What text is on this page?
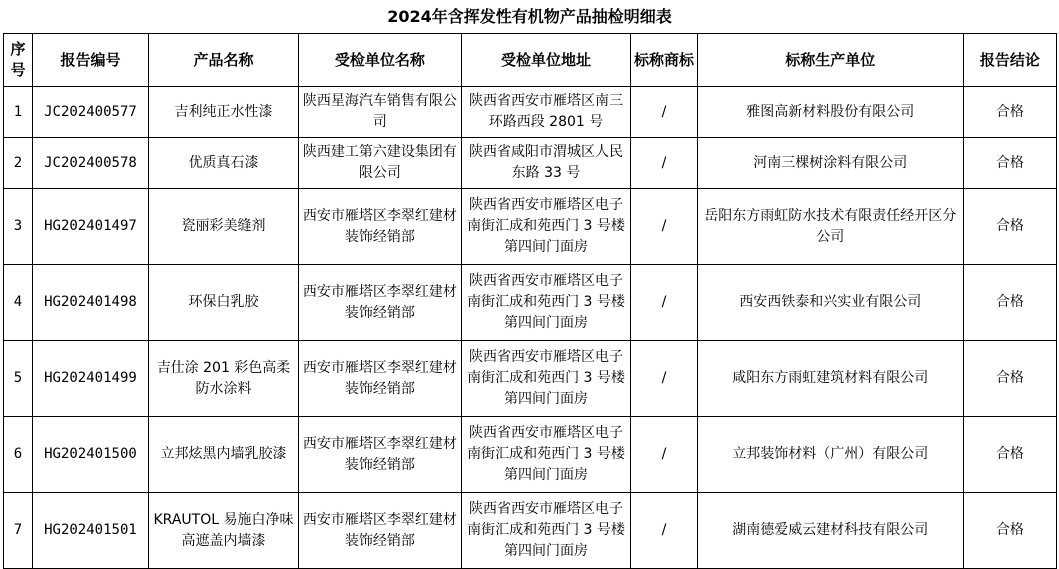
2024年含挥发性有机物产品抽检明细表
序号	报告编号	产品名称	受检单位名称	受检单位地址	标称商标	标称生产单位	报告结论
1	JC202400577	吉利纯正水性漆	陕西星海汽车销售有限公司	陕西省西安市雁塔区南三环路西段 2801 号	/	雅图高新材料股份有限公司	合格
2	JC202400578	优质真石漆	陕西建工第六建设集团有限公司	陕西省咸阳市渭城区人民东路 33 号	/	河南三棵树涂料有限公司	合格
3	HG202401497	瓷丽彩美缝剂	西安市雁塔区李翠红建材装饰经销部	陕西省西安市雁塔区电子南街汇成和苑西门 3 号楼第四间门面房	/	岳阳东方雨虹防水技术有限责任经开区分公司	合格
4	HG202401498	环保白乳胶	西安市雁塔区李翠红建材装饰经销部	陕西省西安市雁塔区电子南街汇成和苑西门 3 号楼第四间门面房	/	西安西铁泰和兴实业有限公司	合格
5	HG202401499	吉仕涂 201 彩色高柔防水涂料	西安市雁塔区李翠红建材装饰经销部	陕西省西安市雁塔区电子南街汇成和苑西门 3 号楼第四间门面房	/	咸阳东方雨虹建筑材料有限公司	合格
6	HG202401500	立邦炫黑内墙乳胶漆	西安市雁塔区李翠红建材装饰经销部	陕西省西安市雁塔区电子南街汇成和苑西门 3 号楼第四间门面房	/	立邦装饰材料（广州）有限公司	合格
7	HG202401501	KRAUTOL 易施白净味高遮盖内墙漆	西安市雁塔区李翠红建材装饰经销部	陕西省西安市雁塔区电子南街汇成和苑西门 3 号楼第四间门面房	/	湖南德爱威云建材科技有限公司	合格
